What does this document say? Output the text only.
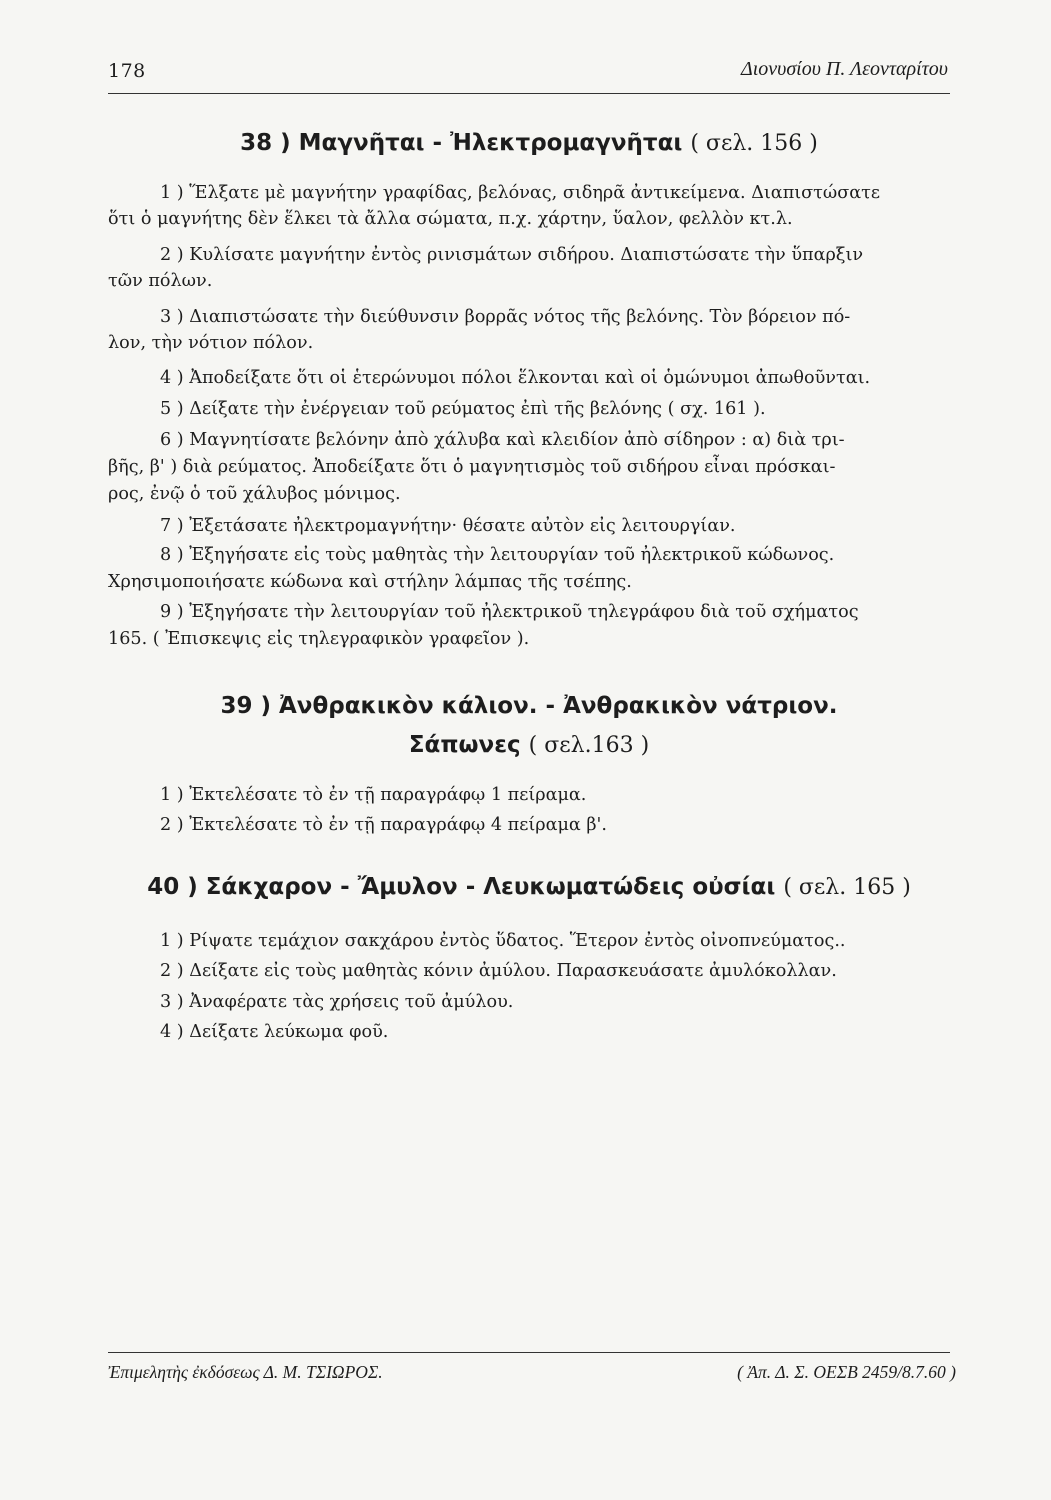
178	Διονυσίου Π. Λεονταρίτου
38 ) Μαγνῆται - Ἠλεκτρομαγνῆται ( σελ. 156 )
1 ) Ἕλξατε μὲ μαγνήτην γραφίδας, βελόνας, σιδηρᾶ ἀντικείμενα. Διαπιστώσατε
ὅτι ὁ μαγνήτης δὲν ἕλκει τὰ ἄλλα σώματα, π.χ. χάρτην, ὕαλον, φελλὸν κτ.λ.
2 ) Κυλίσατε μαγνήτην ἐντὸς ρινισμάτων σιδήρου. Διαπιστώσατε τὴν ὕπαρξιν
τῶν πόλων.
3 ) Διαπιστώσατε τὴν διεύθυνσιν βορρᾶς νότος τῆς βελόνης. Τὸν βόρειον πό-
λον, τὴν νότιον πόλον.
4 ) Ἀποδείξατε ὅτι οἱ ἑτερώνυμοι πόλοι ἕλκονται καὶ οἱ ὁμώνυμοι ἀπωθοῦνται.
5 ) Δείξατε τὴν ἐνέργειαν τοῦ ρεύματος ἐπὶ τῆς βελόνης ( σχ. 161 ).
6 ) Μαγνητίσατε βελόνην ἀπὸ χάλυβα καὶ κλειδίον ἀπὸ σίδηρον : α) διὰ τρι-
βῆς, β' ) διὰ ρεύματος. Ἀποδείξατε ὅτι ὁ μαγνητισμὸς τοῦ σιδήρου εἶναι πρόσκαι-
ρος, ἐνῷ ὁ τοῦ χάλυβος μόνιμος.
7 ) Ἐξετάσατε ἠλεκτρομαγνήτην· θέσατε αὐτὸν εἰς λειτουργίαν.
8 ) Ἐξηγήσατε εἰς τοὺς μαθητὰς τὴν λειτουργίαν τοῦ ἠλεκτρικοῦ κώδωνος.
Χρησιμοποιήσατε κώδωνα καὶ στήλην λάμπας τῆς τσέπης.
9 ) Ἐξηγήσατε τὴν λειτουργίαν τοῦ ἠλεκτρικοῦ τηλεγράφου διὰ τοῦ σχήματος
165. ( Ἐπισκεψις εἰς τηλεγραφικὸν γραφεῖον ).
39 ) Ἀνθρακικὸν κάλιον. - Ἀνθρακικὸν νάτριον.
Σάπωνες ( σελ.163 )
1 ) Ἐκτελέσατε τὸ ἐν τῇ παραγράφῳ 1 πείραμα.
2 ) Ἐκτελέσατε τὸ ἐν τῇ παραγράφῳ 4 πείραμα β'.
40 ) Σάκχαρον - Ἄμυλον - Λευκωματώδεις οὐσίαι ( σελ. 165 )
1 ) Ρίψατε τεμάχιον σακχάρου ἐντὸς ὕδατος. Ἕτερον ἐντὸς οἰνοπνεύματος..
2 ) Δείξατε εἰς τοὺς μαθητὰς κόνιν ἀμύλου. Παρασκευάσατε ἀμυλόκολλαν.
3 ) Ἀναφέρατε τὰς χρήσεις τοῦ ἀμύλου.
4 ) Δείξατε λεύκωμα φοῦ.
Ἐπιμελητὴς ἐκδόσεως Δ. Μ. ΤΣΙΩΡΟΣ.	( Ἀπ. Δ. Σ. ΟΕΣΒ 2459/8.7.60 )
